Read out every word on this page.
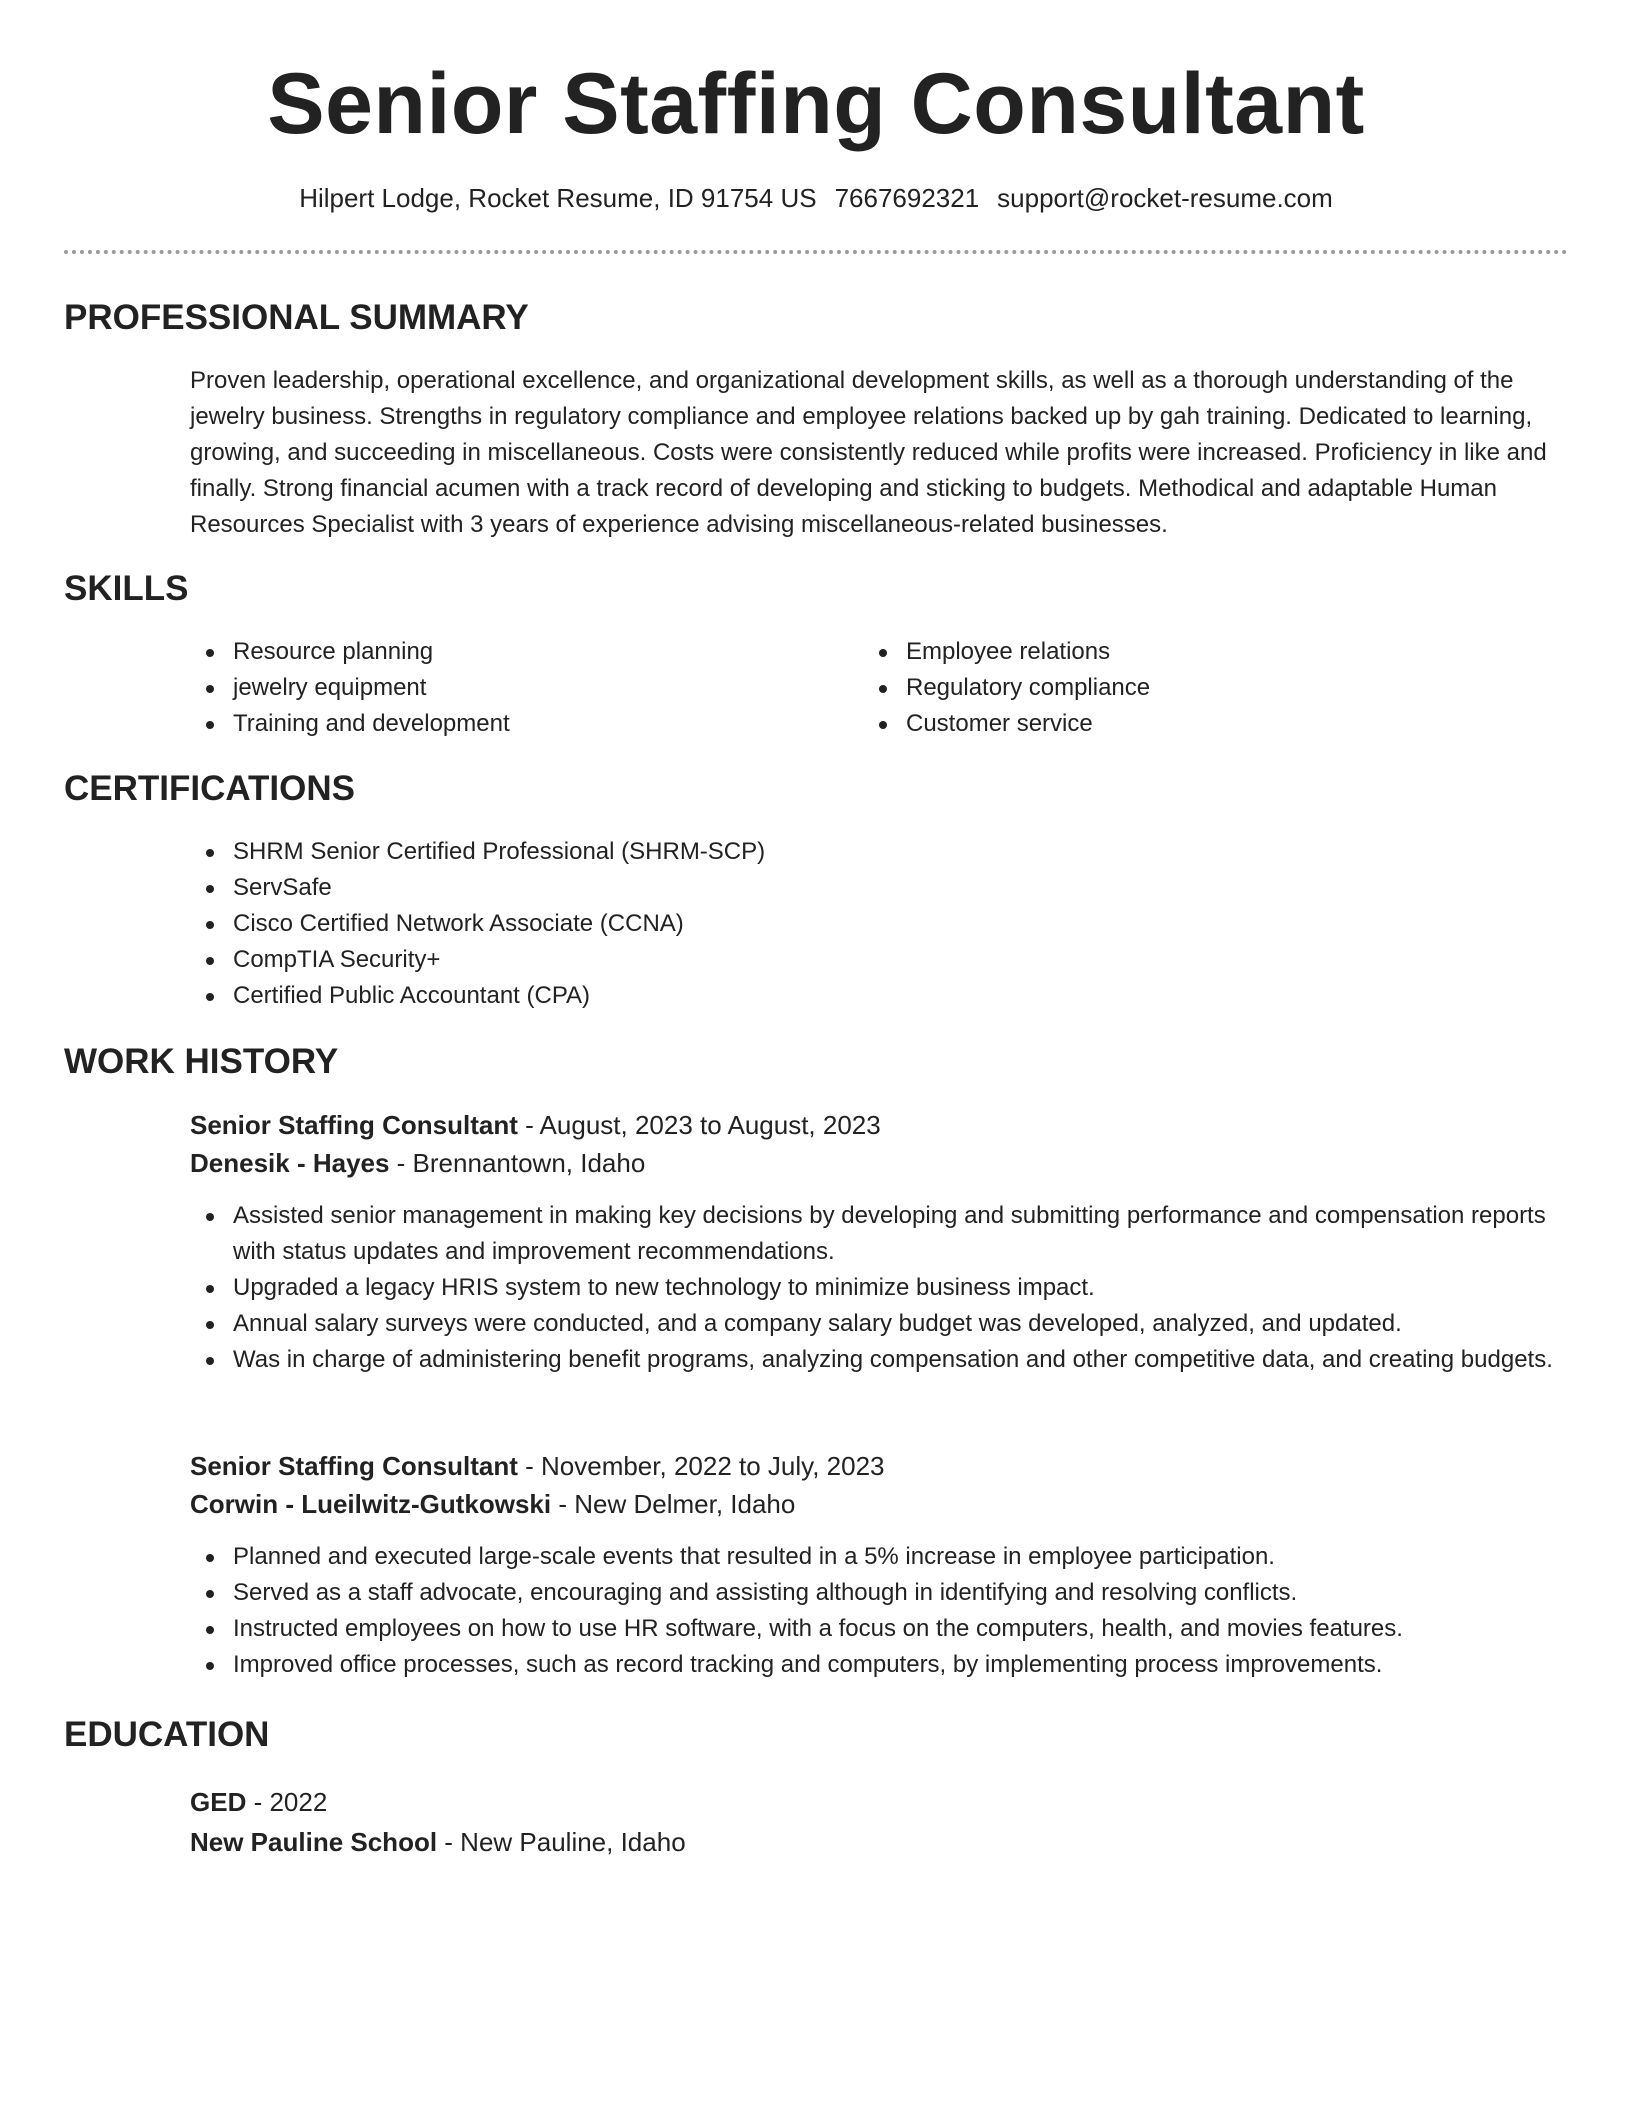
Senior Staffing Consultant
Hilpert Lodge, Rocket Resume, ID 91754 US 7667692321 support@rocket-resume.com
PROFESSIONAL SUMMARY
Proven leadership, operational excellence, and organizational development skills, as well as a thorough understanding of the jewelry business. Strengths in regulatory compliance and employee relations backed up by gah training. Dedicated to learning, growing, and succeeding in miscellaneous. Costs were consistently reduced while profits were increased. Proficiency in like and finally. Strong financial acumen with a track record of developing and sticking to budgets. Methodical and adaptable Human Resources Specialist with 3 years of experience advising miscellaneous-related businesses.
SKILLS
Resource planning
jewelry equipment
Training and development
Employee relations
Regulatory compliance
Customer service
CERTIFICATIONS
SHRM Senior Certified Professional (SHRM-SCP)
ServSafe
Cisco Certified Network Associate (CCNA)
CompTIA Security+
Certified Public Accountant (CPA)
WORK HISTORY
Senior Staffing Consultant - August, 2023 to August, 2023
Denesik - Hayes - Brennantown, Idaho
Assisted senior management in making key decisions by developing and submitting performance and compensation reports with status updates and improvement recommendations.
Upgraded a legacy HRIS system to new technology to minimize business impact.
Annual salary surveys were conducted, and a company salary budget was developed, analyzed, and updated.
Was in charge of administering benefit programs, analyzing compensation and other competitive data, and creating budgets.
Senior Staffing Consultant - November, 2022 to July, 2023
Corwin - Lueilwitz-Gutkowski - New Delmer, Idaho
Planned and executed large-scale events that resulted in a 5% increase in employee participation.
Served as a staff advocate, encouraging and assisting although in identifying and resolving conflicts.
Instructed employees on how to use HR software, with a focus on the computers, health, and movies features.
Improved office processes, such as record tracking and computers, by implementing process improvements.
EDUCATION
GED - 2022
New Pauline School - New Pauline, Idaho
